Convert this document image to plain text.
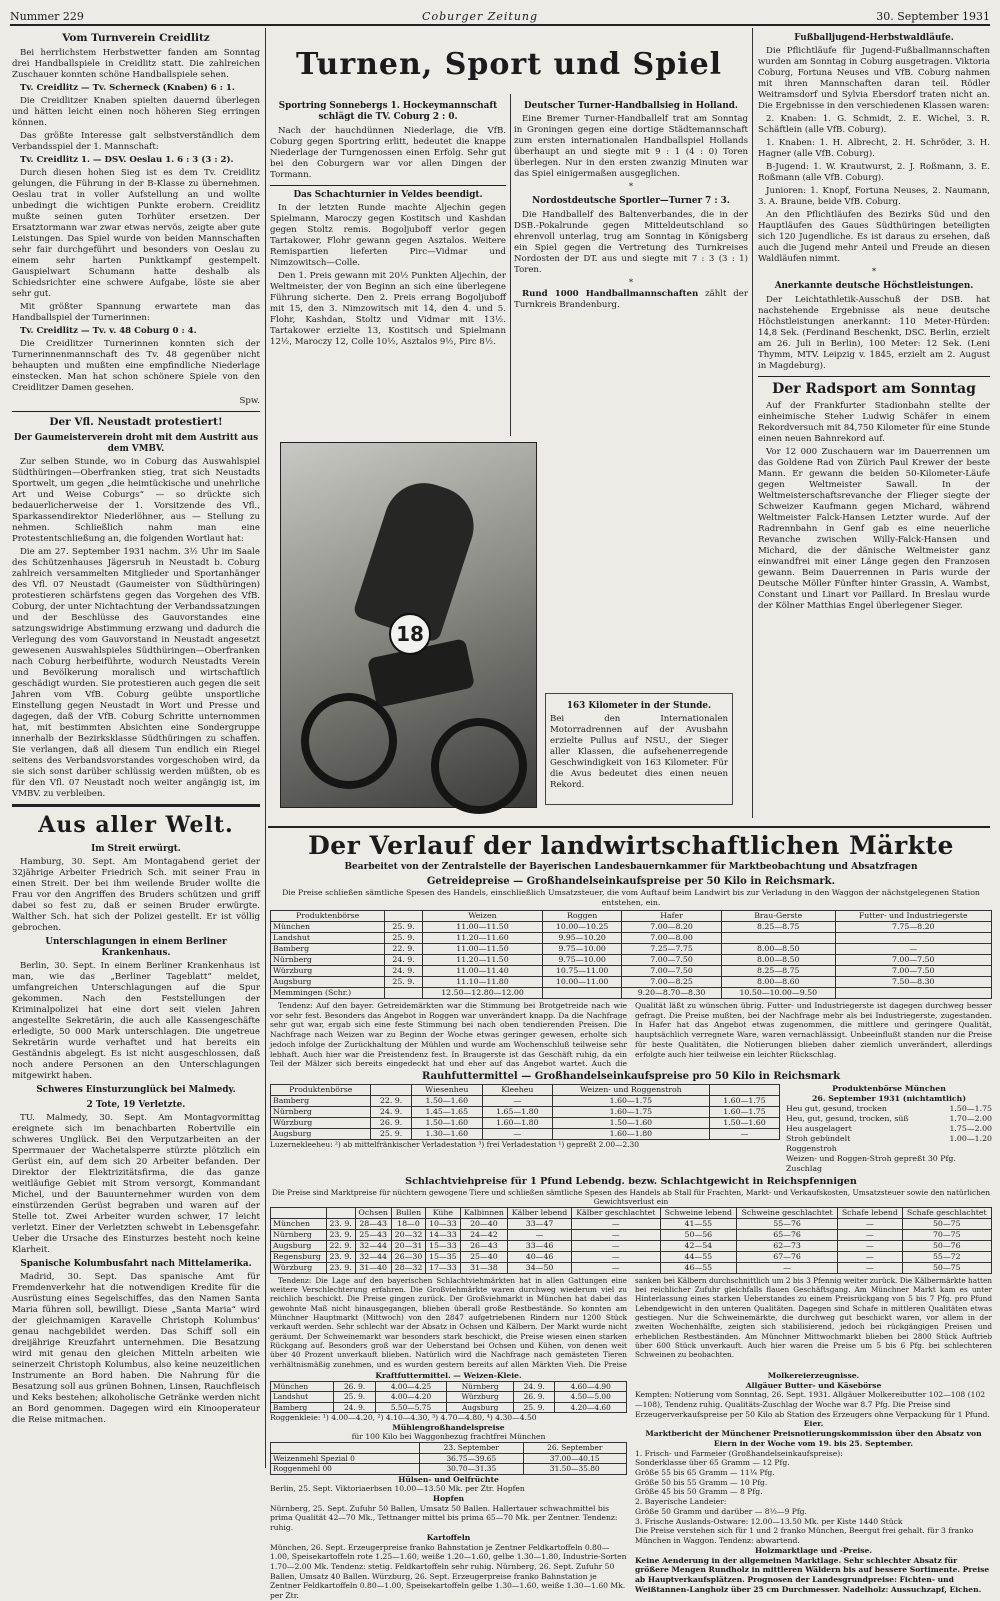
Nummer 229	Coburger Zeitung	30. September 1931
Vom Turnverein Creidlitz

Bei herrlichstem Herbstwetter fanden am Sonntag drei Handballspiele in Creidlitz statt. Die zahlreichen Zuschauer konnten schöne Handballspiele sehen.

Tv. Creidlitz — Tv. Scherneck (Knaben) 6 : 1.

Die Creidlitzer Knaben spielten dauernd überlegen und hätten leicht einen noch höheren Sieg erringen können.

Das größte Interesse galt selbstverständlich dem Verbandsspiel der 1. Mannschaft:

Tv. Creidlitz 1. — DSV. Oeslau 1. 6 : 3 (3 : 2).

Durch diesen hohen Sieg ist es dem Tv. Creidlitz gelungen, die Führung in der B-Klasse zu übernehmen. Oeslau trat in voller Aufstellung an und wollte unbedingt die wichtigen Punkte erobern. Creidlitz mußte seinen guten Torhüter ersetzen. Der Ersatztormann war zwar etwas nervös, zeigte aber gute Leistungen. Das Spiel wurde von beiden Mannschaften sehr fair durchgeführt und besonders von Oeslau zu einem sehr harten Punktkampf gestempelt. Gauspielwart Schumann hatte deshalb als Schiedsrichter eine schwere Aufgabe, löste sie aber sehr gut.

Mit größter Spannung erwartete man das Handballspiel der Turnerinnen:

Tv. Creidlitz — Tv. v. 48 Coburg 0 : 4.

Die Creidlitzer Turnerinnen konnten sich der Turnerinnenmannschaft des Tv. 48 gegenüber nicht behaupten und mußten eine empfindliche Niederlage einstecken. Man hat schon schönere Spiele von den Creidlitzer Damen gesehen.

Spw.

Der Vfl. Neustadt protestiert!
Der Gaumeisterverein droht mit dem Austritt aus dem VMBV.

Zur selben Stunde, wo in Coburg das Auswahlspiel Südthüringen—Oberfranken stieg, trat sich Neustadts Sportwelt, um gegen „die heimtückische und unehrliche Art und Weise Coburgs“ — so drückte sich bedauerlicherweise der 1. Vorsitzende des Vfl., Sparkassendirektor Niederlöhner, aus — Stellung zu nehmen. Schließlich nahm man eine Protestentschließung an, die folgenden Wortlaut hat:

Die am 27. September 1931 nachm. 3½ Uhr im Saale des Schützenhauses Jägersruh in Neustadt b. Coburg zahlreich versammelten Mitglieder und Sportanhänger des Vfl. 07 Neustadt (Gaumeister von Südthüringen) protestieren schärfstens gegen das Vorgehen des VfB. Coburg, der unter Nichtachtung der Verbandssatzungen und der Beschlüsse des Gauvorstandes eine satzungswidrige Abstimmung erzwang und dadurch die Verlegung des vom Gauvorstand in Neustadt angesetzt gewesenen Auswahlspieles Südthüringen—Oberfranken nach Coburg herbeiführte, wodurch Neustadts Verein und Bevölkerung moralisch und wirtschaftlich geschädigt wurden. Sie protestieren auch gegen die seit Jahren vom VfB. Coburg geübte unsportliche Einstellung gegen Neustadt in Wort und Presse und dagegen, daß der VfB. Coburg Schritte unternommen hat, mit bestimmten Absichten eine Sondergruppe innerhalb der Bezirksklasse Südthüringen zu schaffen. Sie verlangen, daß all diesem Tun endlich ein Riegel seitens des Verbandsvorstandes vorgeschoben wird, da sie sich sonst darüber schlüssig werden müßten, ob es für den Vfl. 07 Neustadt noch weiter angängig ist, im VMBV. zu verbleiben.

Aus aller Welt.
Im Streit erwürgt.

Hamburg, 30. Sept. Am Montagabend geriet der 32jährige Arbeiter Friedrich Sch. mit seiner Frau in einen Streit. Der bei ihm weilende Bruder wollte die Frau vor den Angriffen des Bruders schützen und griff dabei so fest zu, daß er seinen Bruder erwürgte. Walther Sch. hat sich der Polizei gestellt. Er ist völlig gebrochen.

Unterschlagungen in einem Berliner Krankenhaus.

Berlin, 30. Sept. In einem Berliner Krankenhaus ist man, wie das „Berliner Tageblatt“ meldet, umfangreichen Unterschlagungen auf die Spur gekommen. Nach den Feststellungen der Kriminalpolizei hat eine dort seit vielen Jahren angestellte Sekretärin, die auch alle Kassengeschäfte erledigte, 50 000 Mark unterschlagen. Die ungetreue Sekretärin wurde verhaftet und hat bereits ein Geständnis abgelegt. Es ist nicht ausgeschlossen, daß noch andere Personen an den Unterschlagungen mitgewirkt haben.

Schweres Einsturzunglück bei Malmedy.
2 Tote, 19 Verletzte.

TU. Malmedy, 30. Sept. Am Montagvormittag ereignete sich im benachbarten Robertville ein schweres Unglück. Bei den Verputzarbeiten an der Sperrmauer der Wachetalsperre stürzte plötzlich ein Gerüst ein, auf dem sich 20 Arbeiter befanden. Der Direktor der Elektrizitätsfirma, die das ganze weitläufige Gebiet mit Strom versorgt, Kommandant Michel, und der Bauunternehmer wurden von dem einstürzenden Gerüst begraben und waren auf der Stelle tot. Zwei Arbeiter wurden schwer, 17 leicht verletzt. Einer der Verletzten schwebt in Lebensgefahr. Ueber die Ursache des Einsturzes besteht noch keine Klarheit.

Spanische Kolumbusfahrt nach Mittelamerika.

Madrid, 30. Sept. Das spanische Amt für Fremdenverkehr hat die notwendigen Kredite für die Ausrüstung eines Segelschiffes, das den Namen Santa Maria führen soll, bewilligt. Diese „Santa Maria“ wird der gleichnamigen Karavelle Christoph Kolumbus’ genau nachgebildet werden. Das Schiff soll ein dreijährige Kreuzfahrt unternehmen. Die Besatzung wird mit genau den gleichen Mitteln arbeiten wie seinerzeit Christoph Kolumbus, also keine neuzeitlichen Instrumente an Bord haben. Die Nahrung für die Besatzung soll aus grünen Bohnen, Linsen, Rauchfleisch und Keks bestehen; alkoholische Getränke werden nicht an Bord genommen. Dagegen wird ein Kinooperateur die Reise mitmachen.

Turnen, Sport und Spiel
Sportring Sonnebergs 1. Hockeymannschaft schlägt die TV. Coburg 2 : 0.

Nach der hauchdünnen Niederlage, die VfB. Coburg gegen Sportring erlitt, bedeutet die knappe Niederlage der Turngenossen einen Erfolg. Sehr gut bei den Coburgern war vor allen Dingen der Tormann.

Das Schachturnier in Veldes beendigt.

In der letzten Runde machte Aljechin gegen Spielmann, Maroczy gegen Kostitsch und Kashdan gegen Stoltz remis. Bogoljuboff verlor gegen Tartakower, Flohr gewann gegen Asztalos. Weitere Remispartien lieferten Pirc—Vidmar und Nimzowitsch—Colle.

Den 1. Preis gewann mit 20½ Punkten Aljechin, der Weltmeister, der von Beginn an sich eine überlegene Führung sicherte. Den 2. Preis errang Bogoljuboff mit 15, den 3. Nimzowitsch mit 14, den 4. und 5. Flohr, Kashdan, Stoltz und Vidmar mit 13½. Tartakower erzielte 13, Kostitsch und Spielmann 12½, Maroczy 12, Colle 10½, Asztalos 9½, Pirc 8½.

Deutscher Turner-Handballsieg in Holland.

Eine Bremer Turner-Handballelf trat am Sonntag in Groningen gegen eine dortige Städtemannschaft zum ersten internationalen Handballspiel Hollands überhaupt an und siegte mit 9 : 1 (4 : 0) Toren überlegen. Nur in den ersten zwanzig Minuten war das Spiel einigermaßen ausgeglichen.

*
Nordostdeutsche Sportler—Turner 7 : 3.

Die Handballelf des Baltenverbandes, die in der DSB.-Pokalrunde gegen Mitteldeutschland so ehrenvoll unterlag, trug am Sonntag in Königsberg ein Spiel gegen die Vertretung des Turnkreises Nordosten der DT. aus und siegte mit 7 : 3 (3 : 1) Toren.

*

Rund 1000 Handballmannschaften zählt der Turnkreis Brandenburg.

Fußballjugend-Herbstwaldläufe.

Die Pflichtläufe für Jugend-Fußballmannschaften wurden am Sonntag in Coburg ausgetragen. Viktoria Coburg, Fortuna Neuses und VfB. Coburg nahmen mit ihren Mannschaften daran teil. Rödler Weitramsdorf und Sylvia Ebersdorf traten nicht an. Die Ergebnisse in den verschiedenen Klassen waren:

2. Knaben: 1. G. Schmidt, 2. E. Wichel, 3. R. Schäftlein (alle VfB. Coburg).

1. Knaben: 1. H. Albrecht, 2. H. Schröder, 3. H. Hagner (alle VfB. Coburg).

B-Jugend: 1. W. Krautwurst, 2. J. Roßmann, 3. E. Roßmann (alle VfB. Coburg).

Junioren: 1. Knopf, Fortuna Neuses, 2. Naumann, 3. A. Braune, beide VfB. Coburg.

An den Pflichtläufen des Bezirks Süd und den Hauptläufen des Gaues Südthüringen beteiligten sich 120 Jugendliche. Es ist daraus zu ersehen, daß auch die Jugend mehr Anteil und Freude an diesen Waldläufen nimmt.

*
Anerkannte deutsche Höchstleistungen.

Der Leichtathletik-Ausschuß der DSB. hat nachstehende Ergebnisse als neue deutsche Höchstleistungen anerkannt: 110 Meter-Hürden: 14,8 Sek. (Ferdinand Beschenkt, DSC. Berlin, erzielt am 26. Juli in Berlin), 100 Meter: 12 Sek. (Leni Thymm, MTV. Leipzig v. 1845, erzielt am 2. August in Magdeburg).

Der Radsport am Sonntag

Auf der Frankfurter Stadionbahn stellte der einheimische Steher Ludwig Schäfer in einem Rekordversuch mit 84,750 Kilometer für eine Stunde einen neuen Bahnrekord auf.

Vor 12 000 Zuschauern war im Dauerrennen um das Goldene Rad von Zürich Paul Krewer der beste Mann. Er gewann die beiden 50-Kilometer-Läufe gegen Weltmeister Sawall. In der Weltmeisterschaftsrevanche der Flieger siegte der Schweizer Kaufmann gegen Michard, während Weltmeister Falck-Hansen Letzter wurde. Auf der Radrennbahn in Genf gab es eine neuerliche Revanche zwischen Willy-Falck-Hansen und Michard, die der dänische Weltmeister ganz einwandfrei mit einer Länge gegen den Franzosen gewann. Beim Dauerrennen in Paris wurde der Deutsche Möller Fünfter hinter Grassin, A. Wambst, Constant und Linart vor Paillard. In Breslau wurde der Kölner Matthias Engel überlegener Sieger.

18
163 Kilometer in der Stunde.

Bei den Internationalen Motorradrennen auf der Avusbahn erzielte Pullus auf NSU., der Sieger aller Klassen, die aufsehenerregende Geschwindigkeit von 163 Kilometer. Für die Avus bedeutet dies einen neuen Rekord.

Der Verlauf der landwirtschaftlichen Märkte
Bearbeitet von der Zentralstelle der Bayerischen Landesbauernkammer für Marktbeobachtung und Absatzfragen
Getreidepreise — Großhandelseinkaufspreise per 50 Kilo in Reichsmark.
Die Preise schließen sämtliche Spesen des Handels, einschließlich Umsatzsteuer, die vom Auftauf beim Landwirt bis zur Verladung in den Waggon der nächstgelegenen Station entstehen, ein.
Produktenbörse		Weizen	Roggen	Hafer	Brau-Gerste	Futter- und Industriegerste
München	25. 9.	11.00—11.50	10.00—10.25	7.00—8.20	8.25—8.75	7.75—8.20
Landshut	25. 9.	11.20—11.60	9.95—10.20	7.00—8.00		
Bamberg	22. 9.	11.00—11.50	9.75—10.00	7.25—7.75	8.00—8.50	—
Nürnberg	24. 9.	11.20—11.50	9.75—10.00	7.00—7.50	8.00—8.50	7.00—7.50
Würzburg	24. 9.	11.00—11.40	10.75—11.00	7.00—7.50	8.25—8.75	7.00—7.50
Augsburg	25. 9.	11.10—11.80	10.00—11.00	7.00—8.25	8.00—8.60	7.50—8.30
Memmingen (Schr.)		12.50—12.80—12.00		9.20—8.70—8.30	10.50—10.00—9.50	

Tendenz: Auf den bayer. Getreidemärkten war die Stimmung bei Brotgetreide nach wie vor sehr fest. Besonders das Angebot in Roggen war unverändert knapp. Da die Nachfrage sehr gut war, ergab sich eine feste Stimmung bei nach oben tendierenden Preisen. Die Nachfrage nach Weizen war zu Beginn der Woche etwas geringer gewesen, erholte sich jedoch infolge der Zurückhaltung der Mühlen und wurde am Wochenschluß teilweise sehr lebhaft. Auch hier war die Preistendenz fest. In Braugerste ist das Geschäft ruhig, da ein Teil der Mälzer sich bereits eingedeckt hat und eher auf das Angebot wartet. Auch die Qualität läßt zu wünschen übrig. Futter- und Industriegerste ist dagegen durchweg besser gefragt. Die Preise mußten, bei der Nachfrage mehr als bei Industriegerste, zugestanden. In Hafer hat das Angebot etwas zugenommen, die mittlere und geringere Qualität, hauptsächlich verregnete Ware, waren vernachlässigt. Unbeeinflußt standen nur die Preise für beste Qualitäten, die Notierungen blieben daher ziemlich unverändert, allerdings erfolgte auch hier teilweise ein leichter Rückschlag.

Rauhfuttermittel — Großhandelseinkaufspreise pro 50 Kilo in Reichsmark
Produktenbörse		Wiesenheu	Kleeheu	Weizen- und Roggenstroh	
Bamberg	22. 9.	1.50—1.60	—	1.60—1.75	1.60—1.75
Nürnberg	24. 9.	1.45—1.65	1.65—1.80	1.60—1.75	1.60—1.75
Würzburg	26. 9.	1.50—1.60	1.60—1.80	1.50—1.60	1.50—1.60
Augsburg	25. 9.	1.30—1.60	—	1.60—1.80	—
Luzernekleeheu: ²) ab mittelfränkischer Verladestation ³) frei Verladestation ¹) gepreßt 2.00—2.30
Produktenbörse München
26. September 1931 (nichtamtlich)
Heu gut, gesund, trocken	1.50—1.75
Heu, gut, gesund, trocken, süß	1.70—2.00
Heu ausgelagert	1.75—2.00
Stroh gebündelt	1.00—1.20
Roggenstroh
Weizen- und Roggen-Stroh gepreßt 30 Pfg. Zuschlag
Schlachtviehpreise für 1 Pfund Lebendg. bezw. Schlachtgewicht in Reichspfennigen
Die Preise sind Marktpreise für nüchtern gewogene Tiere und schließen sämtliche Spesen des Handels ab Stall für Frachten, Markt- und Verkaufskosten, Umsatzsteuer sowie den natürlichen Gewichtsverlust ein
		Ochsen	Bullen	Kühe	Kalbinnen	Kälber lebend	Kälber geschlachtet	Schweine lebend	Schweine geschlachtet	Schafe lebend	Schafe geschlachtet
München	23. 9.	28—43	18—0	10—33	20—40	33—47	—	41—55	55—76	—	50—75
Nürnberg	23. 9.	25—43	20—32	14—33	24—42	—	—	50—56	65—76	—	70—75
Augsburg	22. 9.	32—44	20—31	15—33	26—43	33—46	—	42—54	62—73	—	50—76
Regensburg	23. 9.	32—44	26—30	15—35	25—40	40—46	—	44—55	67—76	—	55—72
Würzburg	23. 9.	31—40	28—32	17—33	31—38	34—50	—	46—55	—	—	50—75

Tendenz: Die Lage auf den bayerischen Schlachtviehmärkten hat in allen Gattungen eine weitere Verschlechterung erfahren. Die Großviehmärkte waren durchweg wiederum viel zu reichlich beschickt. Die Preise gingen zurück. Der Großviehmarkt in München hat dabei das gewohnte Maß nicht hinausgegangen, blieben überall große Restbestände. So konnten am Münchner Hauptmarkt (Mittwoch) von den 2847 aufgetriebenen Rindern nur 1200 Stück verkauft werden. Sehr schlecht war der Absatz in Ochsen und Kälbern. Der Markt wurde nicht geräumt. Der Schweinemarkt war besonders stark beschickt, die Preise wiesen einen starken Rückgang auf. Besonders groß war der Ueberstand bei Ochsen und Kühen, von denen weit über 40 Prozent unverkauft blieben. Natürlich wird die Nachfrage nach gemästeten Tieren verhältnismäßig zunehmen, und es wurden gestern bereits auf allen Märkten Vieh. Die Preise sanken bei Kälbern durchschnittlich um 2 bis 3 Pfennig weiter zurück. Die Kälbermärkte hatten bei reichlicher Zufuhr gleichfalls flauen Geschäftsgang. Am Münchner Markt kam es unter Hinterlassung eines starken Ueberstandes zu einem Preisrückgang von 5 bis 7 Pfg. pro Pfund Lebendgewicht in den unteren Qualitäten. Dagegen sind Schafe in mittleren Qualitäten etwas gestiegen. Nur die Schweinemärkte, die durchweg gut beschickt waren, vor allem in der zweiten Wochenhälfte, zeigten sich stabilisierend, jedoch bei rückgängigen Preisen und erheblichen Restbeständen. Am Münchner Mittwochmarkt blieben bei 2800 Stück Auftrieb über 600 Stück unverkauft. Auch hier waren die Preise um 5 bis 6 Pfg. bei schlechteren Schweinen zu beobachten.

Kraftfuttermittel. — Weizen-Kleie.
München	26. 9.	4.00—4.25	Nürnberg	24. 9.	4.60—4.90
Landshut	25. 9.	4.00—4.20	Würzburg	26. 9.	4.50—5.00
Bamberg	24. 9.	5.50—5.75	Augsburg	25. 9.	4.20—4.60
Roggenkleie: ¹) 4.00—4.20, ²) 4.10—4.30, ³) 4.70—4.80, ⁴) 4.30—4.50
Mühlengroßhandelspreise
für 100 Kilo bei Waggonbezug frachtfrei München
	23. September	26. September
Weizenmehl Spezial 0	36.75—39.65	37.00—40.15
Roggenmehl 00	30.70—31.35	31.50—35.80
Hülsen- und Oelfrüchte
Berlin, 25. Sept. Viktoriaerbsen 10.00—13.50 Mk. per Ztr. Hopfen
Hopfen
Nürnberg, 25. Sept. Zufuhr 50 Ballen, Umsatz 50 Ballen. Hallertauer schwachmittel bis prima Qualität 42—70 Mk., Tettnanger mittel bis prima 65—70 Mk. per Zentner. Tendenz: ruhig.
Kartoffeln
München, 26. Sept. Erzeugerpreise franko Bahnstation je Zentner Feldkartoffeln 0.80—1.00, Speisekartoffeln rote 1.25—1.60, weiße 1.20—1.60, gelbe 1.30—1.80, Industrie-Sorten 1.70—2.00 Mk. Tendenz: stetig. Feldkartoffeln sehr ruhig. Nürnberg, 26. Sept. Zufuhr 50 Ballen, Umsatz 40 Ballen. Würzburg, 26. Sept. Erzeugerpreise franko Bahnstation je Zentner Feldkartoffeln 0.80—1.00, Speisekartoffeln gelbe 1.30—1.60, weiße 1.30—1.60 Mk. per Ztr.
Molkereierzeugnisse.
Allgäuer Butter- und Käsebörse
Kempten: Notierung vom Sonntag, 26. Sept. 1931. Allgäuer Molkereibutter 102—108 (102—108), Tendenz ruhig. Qualitäts-Zuschlag der Woche war 8.7 Pfg. Die Preise sind Erzeugerverkaufspreise per 50 Kilo ab Station des Erzeugers ohne Verpackung für 1 Pfund.
Eier.
Marktbericht der Münchener Preisnotierungskommission über den Absatz von Eiern in der Woche vom 19. bis 25. September.
1. Frisch- und Farmeier (Großhandelseinkaufspreise):
Sonderklasse über 65 Gramm — 12 Pfg.
Größe 55 bis 65 Gramm — 11¼ Pfg.
Größe 50 bis 55 Gramm — 10 Pfg.
Größe 45 bis 50 Gramm — 8 Pfg.
2. Bayerische Landeier:
Größe 50 Gramm und darüber — 8½—9 Pfg.
3. Frische Auslands-Ostware: 12.00—13.50 Mk. per Kiste 1440 Stück
Die Preise verstehen sich für 1 und 2 franko München, Beergut frei gehalt. für 3 franko München in Waggon. Tendenz: abwartend.
Holzmarktlage und -Preise.
Keine Aenderung in der allgemeinen Marktlage. Sehr schlechter Absatz für größere Mengen Rundholz in mittleren Wäldern bis auf bessere Sortimente. Preise ab Hauptverkaufsplätzen. Prognosen der Landesgrundpreise: Fichten- und Weißtannen-Langholz über 25 cm Durchmesser. Nadelholz: Aussuchzapf, Eichen.
